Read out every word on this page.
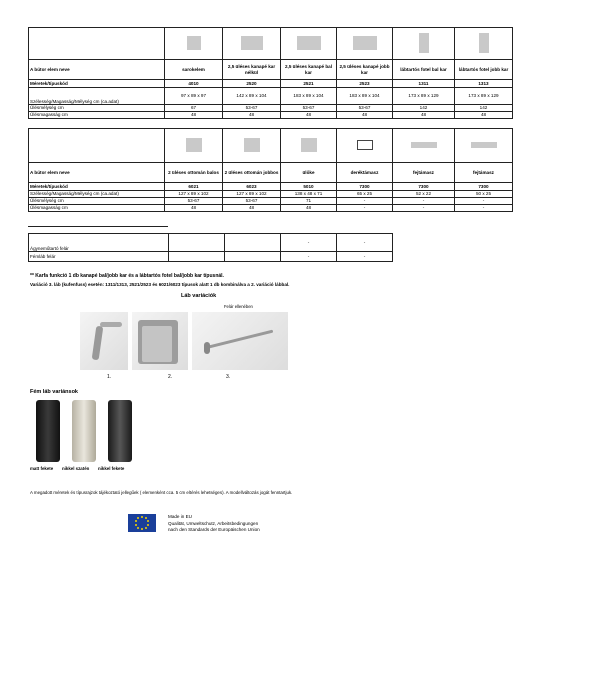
A bútor elem neve	sarokelem	2,5 üléses kanapé kar nélkül	2,5 üléses kanapé bal kar	2,5 üléses kanapé jobb kar	lábtartós fotel bal kar	lábtartós fotel jobb kar
Méretek/típuskód	4010	2520	2521	2523	1311	1313
Szélesség/Magasság/Mélység cm (ca.adat)	97 x 89 x 97	142 x 89 x 104	183 x 89 x 104	183 x 89 x 104	173 x 89 x 129	173 x 89 x 129
Ülésmélység cm	67	53-67	53-67	53-67	142	142
Ülésmagasság cm	48	48	48	48	48	48

A bútor elem neve	2 üléses ottomán balos	2 üléses ottomán jobbos	ülőke	deréktámasz	fejtámasz	fejtámasz
Méretek/típuskód	6021	6023	5010	7300	7300	7300
Szélesség/Magasság/Mélység cm (ca.adat)	127 x 89 x 102	127 x 89 x 102	138 x 48 x 71	65 x 25	52 x 22	50 x 25
Ülésmélység cm	53-67	53-67	71	-	-	-
Ülésmagasság cm	48	48	48	-	-	-
Ágyneműtartó felár			-	-
Fémláb felár			-	-
** Karfa funkció 1 db kanapé bal/jobb kar és a lábtartós fotel bal/jobb kar típusnál.
Variáció 3. láb (kufenfuss) esetén: 1311/1313, 2521/2523 és 6021/6023 típusok alatt 1 db kombinálva a 2. variáció lábbal.
Láb variációk
Felár ellenében
1.	2.	3.
Fém láb variánsok
matt fekete nikkel szatén nikkel fekete
A megadott méretek és típusrajzok tájékoztató jellegűek ( elemenként cca. 5 cm eltérés lehetséges). A modellváltozás jogát fenntartjuk.
Made in EU
Qualität, Umweltschutz, Arbeitsbedingungen
nach den Standards der Europäischen Union
